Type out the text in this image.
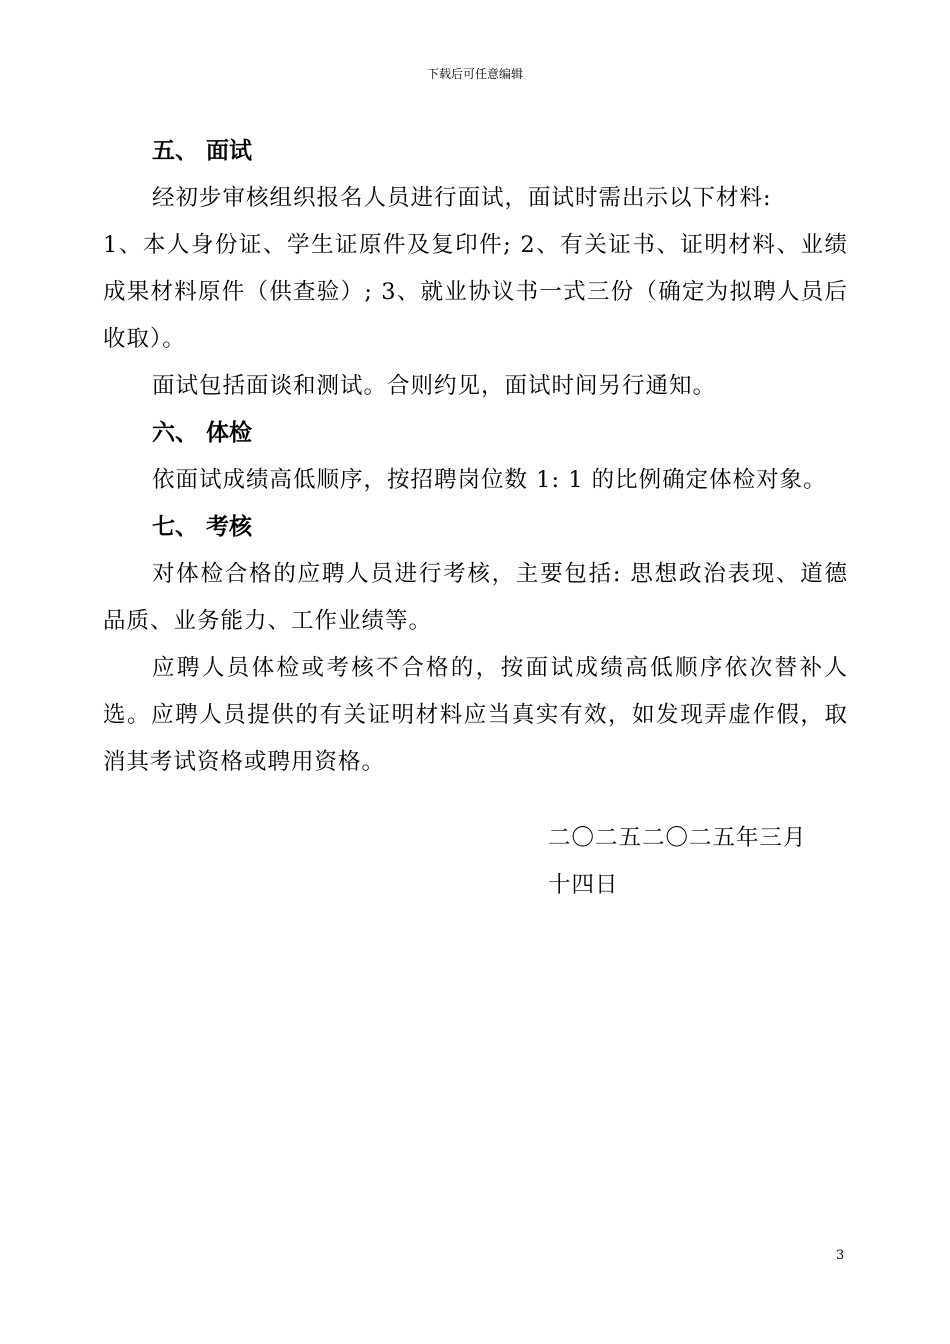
下载后可任意编辑
五、 面试

经初步审核组织报名人员进行面试，面试时需出示以下材料:

1、本人身份证、学生证原件及复印件; 2、有关证书、证明材料、业绩成果材料原件（供查验）; 3、就业协议书一式三份（确定为拟聘人员后收取）。

面试包括面谈和测试。合则约见，面试时间另行通知。

六、 体检

依面试成绩高低顺序，按招聘岗位数 1: 1 的比例确定体检对象。

七、 考核

对体检合格的应聘人员进行考核，主要包括: 思想政治表现、道德品质、业务能力、工作业绩等。

应聘人员体检或考核不合格的，按面试成绩高低顺序依次替补人选。应聘人员提供的有关证明材料应当真实有效，如发现弄虚作假，取消其考试资格或聘用资格。

二〇二五二〇二五年三月
十四日
3
